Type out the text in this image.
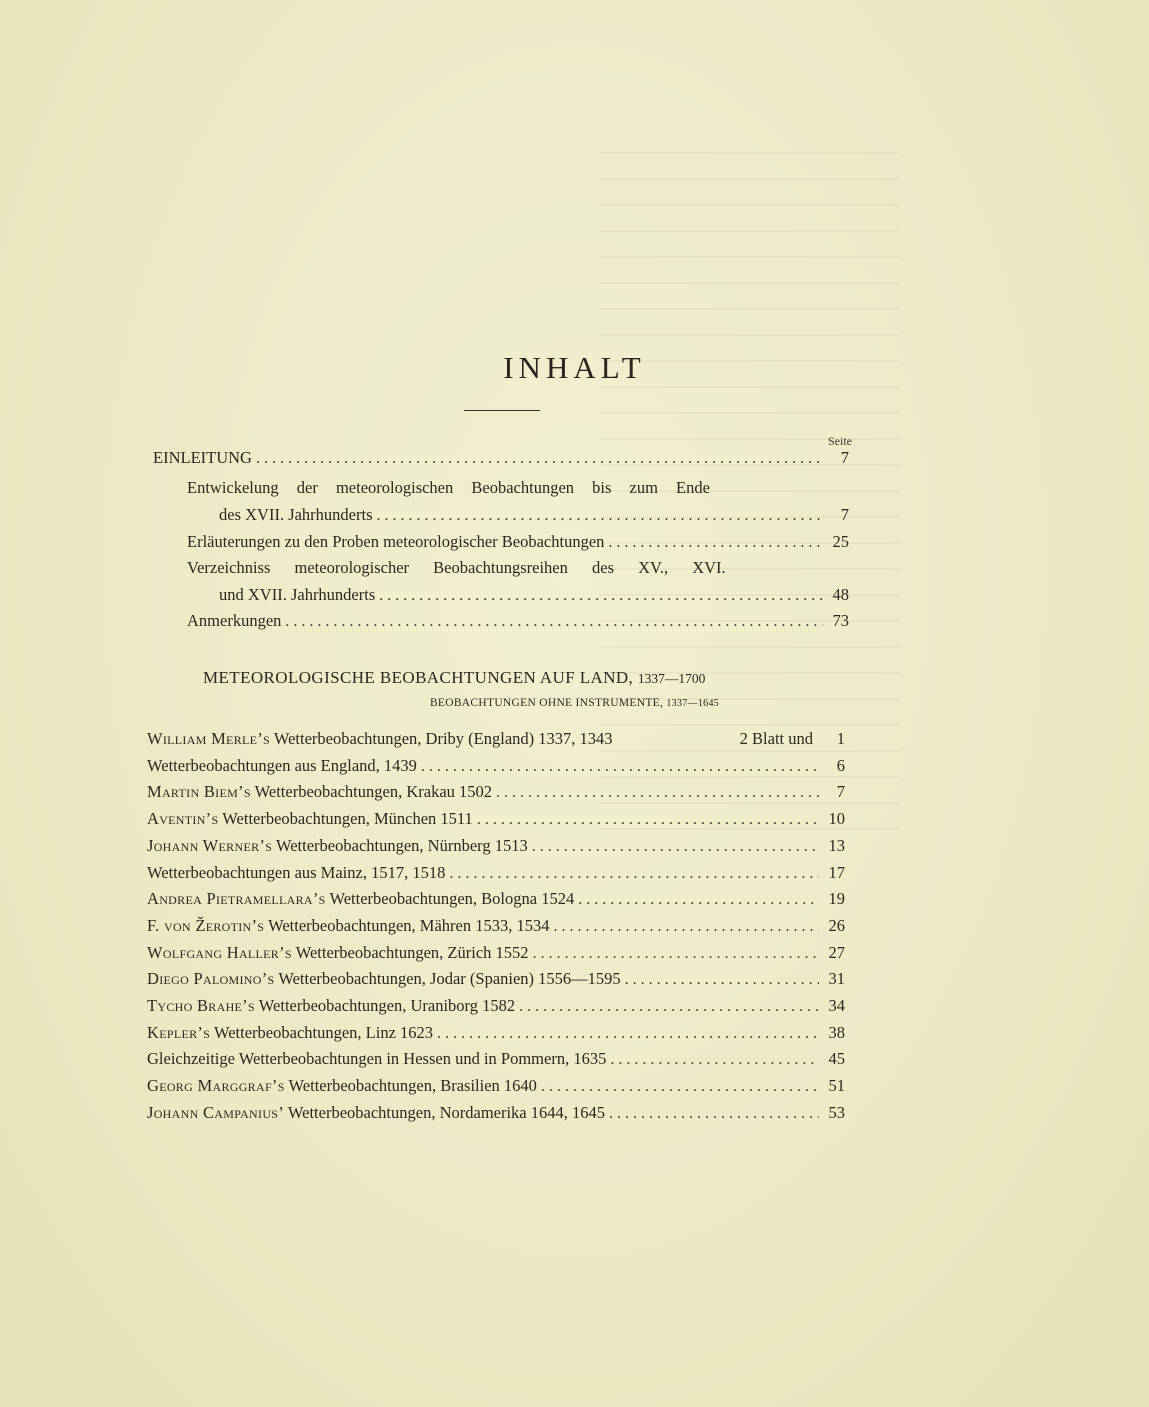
INHALT
Seite
EINLEITUNG . . .	7
Entwickelung der meteorologischen Beobachtungen bis zum Ende
des XVII. Jahrhunderts . . .	7
Erläuterungen zu den Proben meteorologischer Beobachtungen . . .	25
Verzeichniss meteorologischer Beobachtungsreihen des XV., XVI.
und XVII. Jahrhunderts . . .	48
Anmerkungen . . .	73
METEOROLOGISCHE BEOBACHTUNGEN AUF LAND, 1337—1700
BEOBACHTUNGEN OHNE INSTRUMENTE, 1337—1645
William Merle’s Wetterbeobachtungen, Driby (England) 1337, 1343	2 Blatt und	1
Wetterbeobachtungen aus England, 1439 . . .	6
Martin Biem’s Wetterbeobachtungen, Krakau 1502 . . .	7
Aventin’s Wetterbeobachtungen, München 1511 . . .	10
Johann Werner’s Wetterbeobachtungen, Nürnberg 1513 . . .	13
Wetterbeobachtungen aus Mainz, 1517, 1518 . . .	17
Andrea Pietramellara’s Wetterbeobachtungen, Bologna 1524 . . .	19
F. von Žerotin’s Wetterbeobachtungen, Mähren 1533, 1534 . . .	26
Wolfgang Haller’s Wetterbeobachtungen, Zürich 1552 . . .	27
Diego Palomino’s Wetterbeobachtungen, Jodar (Spanien) 1556—1595 . . .	31
Tycho Brahe’s Wetterbeobachtungen, Uraniborg 1582 . . .	34
Kepler’s Wetterbeobachtungen, Linz 1623 . . .	38
Gleichzeitige Wetterbeobachtungen in Hessen und in Pommern, 1635 . . .	45
Georg Marggraf’s Wetterbeobachtungen, Brasilien 1640 . . .	51
Johann Campanius’ Wetterbeobachtungen, Nordamerika 1644, 1645 . . .	53
